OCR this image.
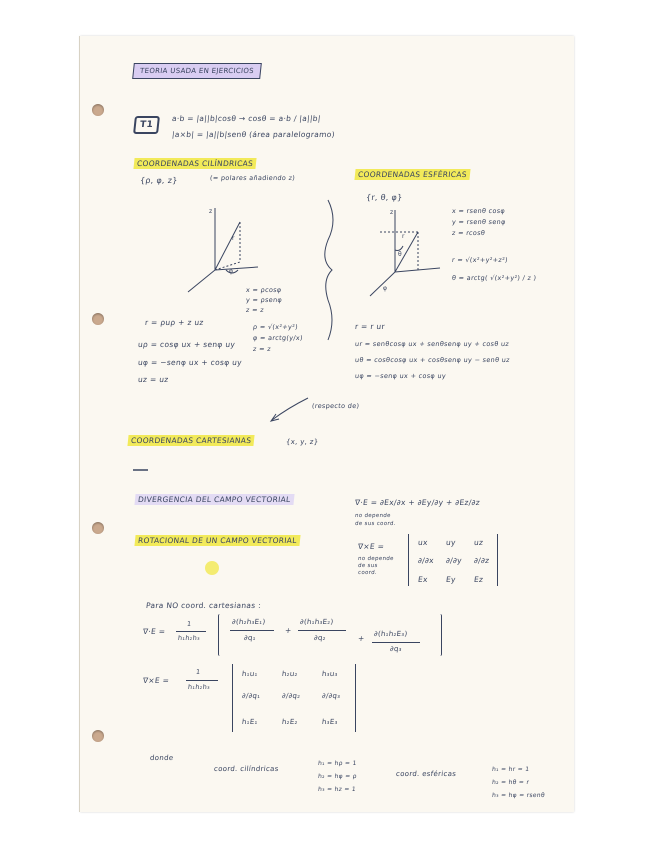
TEORIA USADA EN EJERCICIOS
T1
a·b = |a||b|cosθ → cosθ = a·b / |a||b|
|a×b| = |a||b|senθ (área paralelogramo)
COORDENADAS CILÍNDRICAS
{ρ, φ, z}	(= polares añadiendo z)	COORDENADAS ESFÉRICAS
{r, θ, φ}
z
r
φ
z
r
θ
φ
x = ρcosφ
y = ρsenφ
z = z
r = ρuρ + z uz	ρ = √(x²+y²)
φ = arctg(y/x)
z = z
uρ = cosφ ux + senφ uy
uφ = −senφ ux + cosφ uy
uz = uz
x = rsenθ cosφ
y = rsenθ senφ
z = rcosθ
r = √(x²+y²+z²)
θ = arctg( √(x²+y²) / z )
r = r ur
ur = senθcosφ ux + senθsenφ uy + cosθ uz
uθ = cosθcosφ ux + cosθsenφ uy − senθ uz
uφ = −senφ ux + cosφ uy
(respecto de)
COORDENADAS CARTESIANAS	{x, y, z}
DIVERGENCIA DEL CAMPO VECTORIAL	∇·E = ∂Ex/∂x + ∂Ey/∂y + ∂Ez/∂z
no depende
de sus coord.
ROTACIONAL DE UN CAMPO VECTORIAL
∇×E =
no depende
de sus
coord.
ux uy uz
∂/∂x ∂/∂y ∂/∂z
Ex Ey Ez
Para NO coord. cartesianas :
∇·E =
1
h₁h₂h₃
∂(h₂h₃E₁)
∂q₁
+
∂(h₁h₃E₂)
∂q₂	+ ∂(h₁h₂E₃)
∂q₃
∇×E =
1
h₁h₂h₃
h₁u₁	h₂u₂	h₃u₃
∂/∂q₁	∂/∂q₂	∂/∂q₃
h₁E₁	h₂E₂	h₃E₃
donde
coord. cilíndricas
h₁ = hρ = 1
h₂ = hφ = ρ
h₃ = hz = 1
coord. esféricas
h₁ = hr = 1
h₂ = hθ = r
h₃ = hφ = rsenθ
